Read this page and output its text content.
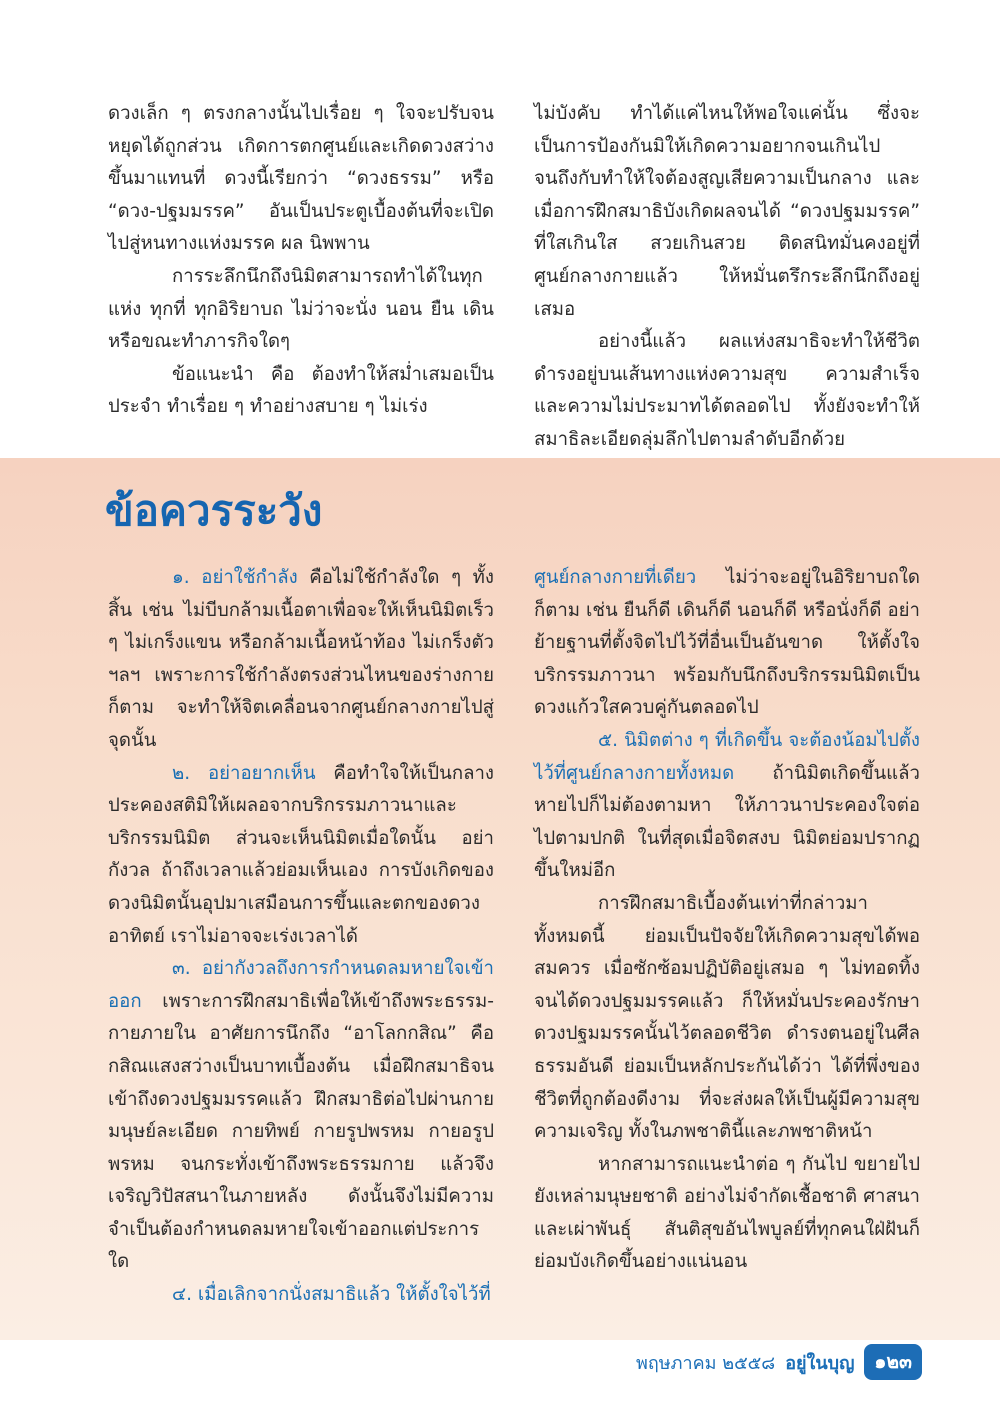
ดวงเล็ก ๆ ตรงกลางนั้นไปเรื่อย ๆ ใจจะปรับจนหยุดได้ถูกส่วน เกิดการตกศูนย์และเกิดดวงสว่างขึ้นมาแทนที่ ดวงนี้เรียกว่า “ดวงธรรม” หรือ “ดวง-ปฐมมรรค” อันเป็นประตูเบื้องต้นที่จะเปิดไปสู่หนทางแห่งมรรค ผล นิพพาน

การระลึกนึกถึงนิมิตสามารถทำได้ในทุกแห่ง ทุกที่ ทุกอิริยาบถ ไม่ว่าจะนั่ง นอน ยืน เดิน หรือขณะทำภารกิจใดๆ

ข้อแนะนำ คือ ต้องทำให้สม่ำเสมอเป็นประจำ ทำเรื่อย ๆ ทำอย่างสบาย ๆ ไม่เร่ง

ไม่บังคับ ทำได้แค่ไหนให้พอใจแค่นั้น ซึ่งจะเป็นการป้องกันมิให้เกิดความอยากจนเกินไป จนถึงกับทำให้ใจต้องสูญเสียความเป็นกลาง และเมื่อการฝึกสมาธิบังเกิดผลจนได้ “ดวงปฐมมรรค” ที่ใสเกินใส สวยเกินสวย ติดสนิทมั่นคงอยู่ที่ศูนย์กลางกายแล้ว ให้หมั่นตรึกระลึกนึกถึงอยู่เสมอ

อย่างนี้แล้ว ผลแห่งสมาธิจะทำให้ชีวิตดำรงอยู่บนเส้นทางแห่งความสุข ความสำเร็จและความไม่ประมาทได้ตลอดไป ทั้งยังจะทำให้สมาธิละเอียดลุ่มลึกไปตามลำดับอีกด้วย

ข้อควรระวัง

๑. อย่าใช้กำลัง คือไม่ใช้กำลังใด ๆ ทั้งสิ้น เช่น ไม่บีบกล้ามเนื้อตาเพื่อจะให้เห็นนิมิตเร็ว ๆ ไม่เกร็งแขน หรือกล้ามเนื้อหน้าท้อง ไม่เกร็งตัว ฯลฯ เพราะการใช้กำลังตรงส่วนไหนของร่างกายก็ตาม จะทำให้จิตเคลื่อนจากศูนย์กลางกายไปสู่จุดนั้น

๒. อย่าอยากเห็น คือทำใจให้เป็นกลาง ประคองสติมิให้เผลอจากบริกรรมภาวนาและบริกรรมนิมิต ส่วนจะเห็นนิมิตเมื่อใดนั้น อย่ากังวล ถ้าถึงเวลาแล้วย่อมเห็นเอง การบังเกิดของดวงนิมิตนั้นอุปมาเสมือนการขึ้นและตกของดวงอาทิตย์ เราไม่อาจจะเร่งเวลาได้

๓. อย่ากังวลถึงการกำหนดลมหายใจเข้าออก เพราะการฝึกสมาธิเพื่อให้เข้าถึงพระธรรม-กายภายใน อาศัยการนึกถึง “อาโลกกสิณ” คือ กสิณแสงสว่างเป็นบาทเบื้องต้น เมื่อฝึกสมาธิจนเข้าถึงดวงปฐมมรรคแล้ว ฝึกสมาธิต่อไปผ่านกายมนุษย์ละเอียด กายทิพย์ กายรูปพรหม กายอรูปพรหม จนกระทั่งเข้าถึงพระธรรมกาย แล้วจึงเจริญวิปัสสนาในภายหลัง ดังนั้นจึงไม่มีความจำเป็นต้องกำหนดลมหายใจเข้าออกแต่ประการใด

๔. เมื่อเลิกจากนั่งสมาธิแล้ว ให้ตั้งใจไว้ที่

ศูนย์กลางกายที่เดียว ไม่ว่าจะอยู่ในอิริยาบถใดก็ตาม เช่น ยืนก็ดี เดินก็ดี นอนก็ดี หรือนั่งก็ดี อย่าย้ายฐานที่ตั้งจิตไปไว้ที่อื่นเป็นอันขาด ให้ตั้งใจบริกรรมภาวนา พร้อมกับนึกถึงบริกรรมนิมิตเป็นดวงแก้วใสควบคู่กันตลอดไป

๕. นิมิตต่าง ๆ ที่เกิดขึ้น จะต้องน้อมไปตั้งไว้ที่ศูนย์กลางกายทั้งหมด ถ้านิมิตเกิดขึ้นแล้วหายไปก็ไม่ต้องตามหา ให้ภาวนาประคองใจต่อไปตามปกติ ในที่สุดเมื่อจิตสงบ นิมิตย่อมปรากฏขึ้นใหม่อีก

การฝึกสมาธิเบื้องต้นเท่าที่กล่าวมาทั้งหมดนี้ ย่อมเป็นปัจจัยให้เกิดความสุขได้พอสมควร เมื่อซักซ้อมปฏิบัติอยู่เสมอ ๆ ไม่ทอดทิ้งจนได้ดวงปฐมมรรคแล้ว ก็ให้หมั่นประคองรักษาดวงปฐมมรรคนั้นไว้ตลอดชีวิต ดำรงตนอยู่ในศีลธรรมอันดี ย่อมเป็นหลักประกันได้ว่า ได้ที่พึ่งของชีวิตที่ถูกต้องดีงาม ที่จะส่งผลให้เป็นผู้มีความสุขความเจริญ ทั้งในภพชาตินี้และภพชาติหน้า

หากสามารถแนะนำต่อ ๆ กันไป ขยายไปยังเหล่ามนุษยชาติ อย่างไม่จำกัดเชื้อชาติ ศาสนา และเผ่าพันธุ์ สันติสุขอันไพบูลย์ที่ทุกคนใฝ่ฝันก็ย่อมบังเกิดขึ้นอย่างแน่นอน

พฤษภาคม ๒๕๕๘ อยู่ในบุญ	๑๒๓
